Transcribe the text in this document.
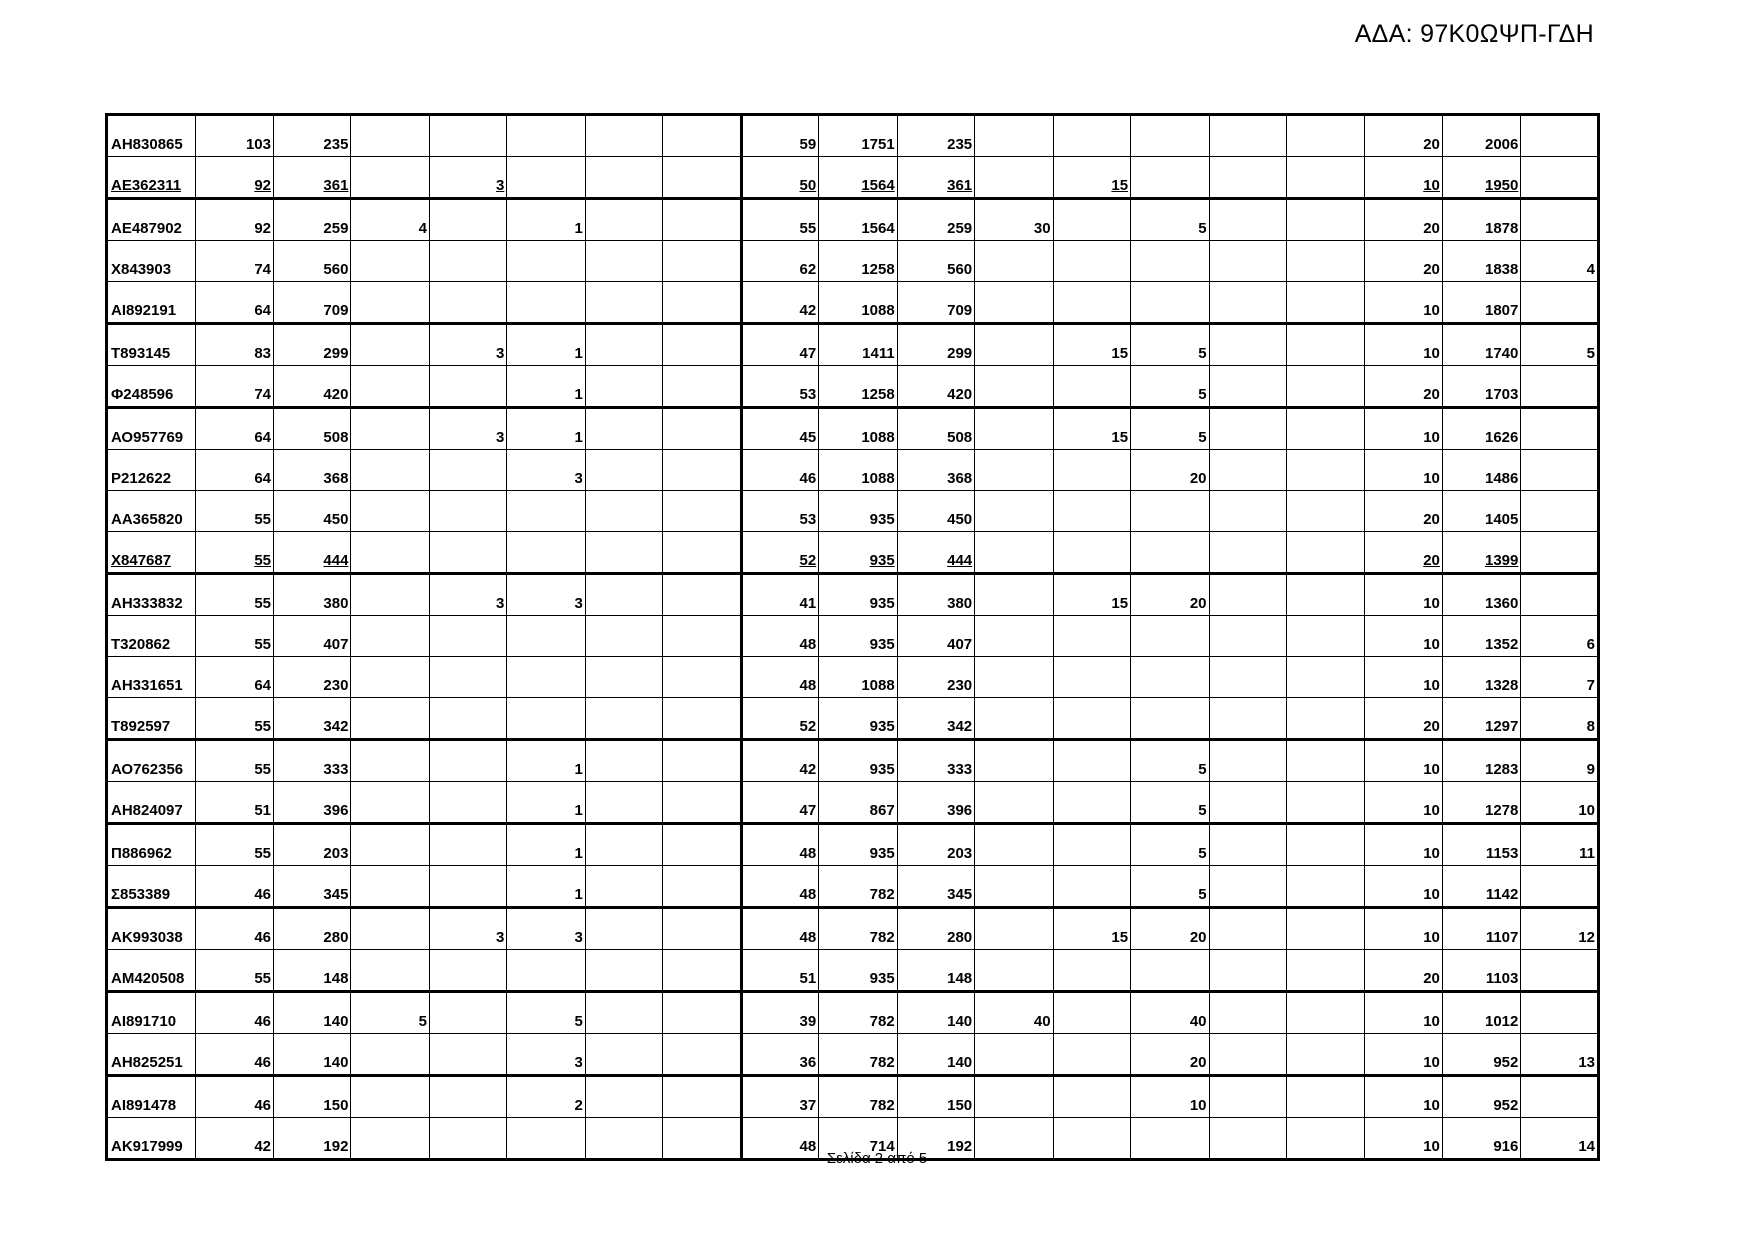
ΑΔΑ: 97Κ0ΩΨΠ-ΓΔΗ
ΑΗ830865	103	235						59	1751	235						20	2006	
ΑΕ362311	92	361		3				50	1564	361		15				10	1950	
ΑΕ487902	92	259	4		1			55	1564	259	30		5			20	1878	
Χ843903	74	560						62	1258	560						20	1838	4
ΑΙ892191	64	709						42	1088	709						10	1807	
Τ893145	83	299		3	1			47	1411	299		15	5			10	1740	5
Φ248596	74	420			1			53	1258	420			5			20	1703	
ΑΟ957769	64	508		3	1			45	1088	508		15	5			10	1626	
Ρ212622	64	368			3			46	1088	368			20			10	1486	
ΑΑ365820	55	450						53	935	450						20	1405	
Χ847687	55	444						52	935	444						20	1399	
ΑΗ333832	55	380		3	3			41	935	380		15	20			10	1360	
Τ320862	55	407						48	935	407						10	1352	6
ΑΗ331651	64	230						48	1088	230						10	1328	7
Τ892597	55	342						52	935	342						20	1297	8
ΑΟ762356	55	333			1			42	935	333			5			10	1283	9
ΑΗ824097	51	396			1			47	867	396			5			10	1278	10
Π886962	55	203			1			48	935	203			5			10	1153	11
Σ853389	46	345			1			48	782	345			5			10	1142	
ΑΚ993038	46	280		3	3			48	782	280		15	20			10	1107	12
ΑΜ420508	55	148						51	935	148						20	1103	
ΑΙ891710	46	140	5		5			39	782	140	40		40			10	1012	
ΑΗ825251	46	140			3			36	782	140			20			10	952	13
ΑΙ891478	46	150			2			37	782	150			10			10	952	
ΑΚ917999	42	192						48	714	192						10	916	14
Σελίδα 2 από 5
